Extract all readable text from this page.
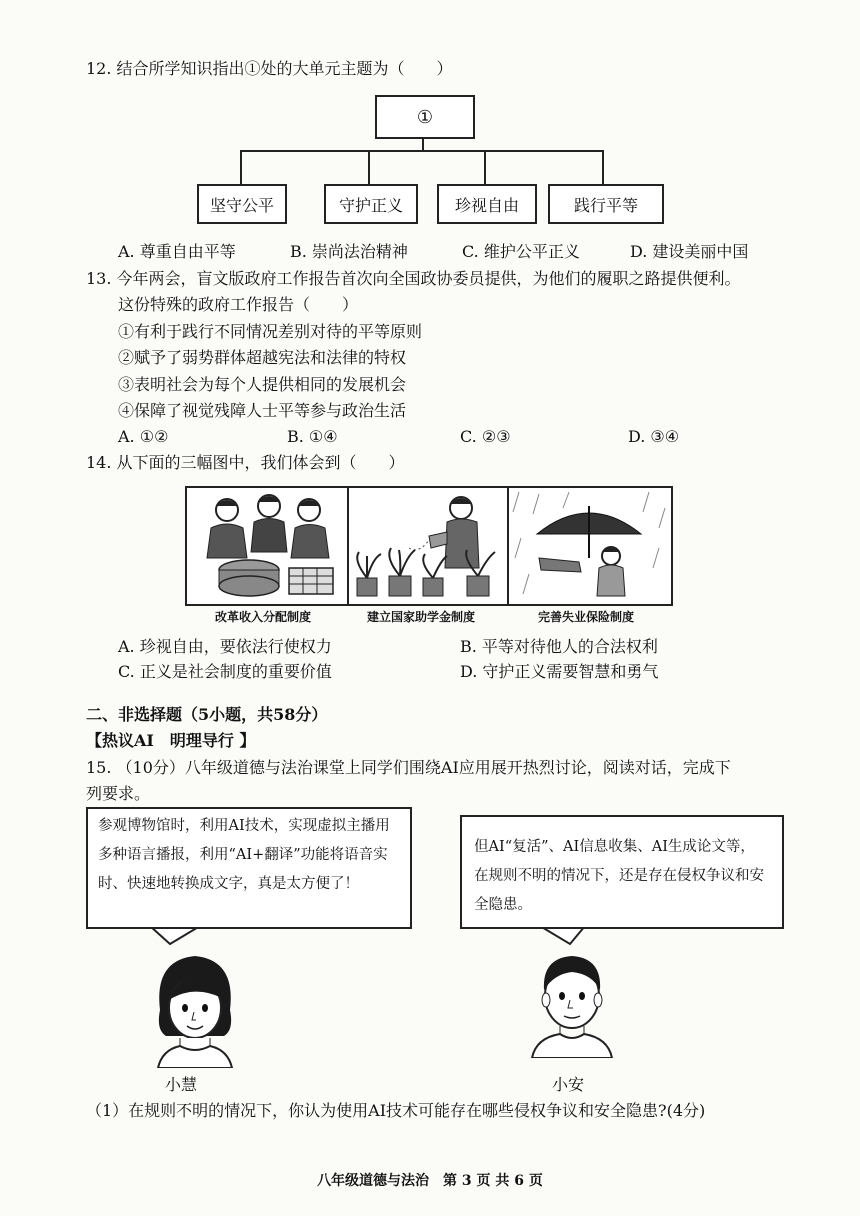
12. 结合所学知识指出①处的大单元主题为（　　）
①
坚守公平	守护正义	珍视自由	践行平等
A. 尊重自由平等	B. 崇尚法治精神	C. 维护公平正义	D. 建设美丽中国
13. 今年两会，盲文版政府工作报告首次向全国政协委员提供，为他们的履职之路提供便利。
这份特殊的政府工作报告（　　）
①有利于践行不同情况差别对待的平等原则
②赋予了弱势群体超越宪法和法律的特权
③表明社会为每个人提供相同的发展机会
④保障了视觉残障人士平等参与政治生活
A. ①②	B. ①④	C. ②③	D. ③④
14. 从下面的三幅图中，我们体会到（　　）
改革收入分配制度	建立国家助学金制度	完善失业保险制度
A. 珍视自由，要依法行使权力	B. 平等对待他人的合法权利
C. 正义是社会制度的重要价值	D. 守护正义需要智慧和勇气
二、非选择题（5小题，共58分）
【热议AI　明理导行 】
15. （10分）八年级道德与法治课堂上同学们围绕AI应用展开热烈讨论，阅读对话，完成下
列要求。
参观博物馆时，利用AI技术，实现虚拟主播用多种语言播报，利用“AI+翻译”功能将语音实时、快速地转换成文字，真是太方便了！
但AI“复活”、AI信息收集、AI生成论文等，在规则不明的情况下，还是存在侵权争议和安全隐患。
小慧	小安
（1）在规则不明的情况下，你认为使用AI技术可能存在哪些侵权争议和安全隐患?(4分)
八年级道德与法治　第 3 页 共 6 页
